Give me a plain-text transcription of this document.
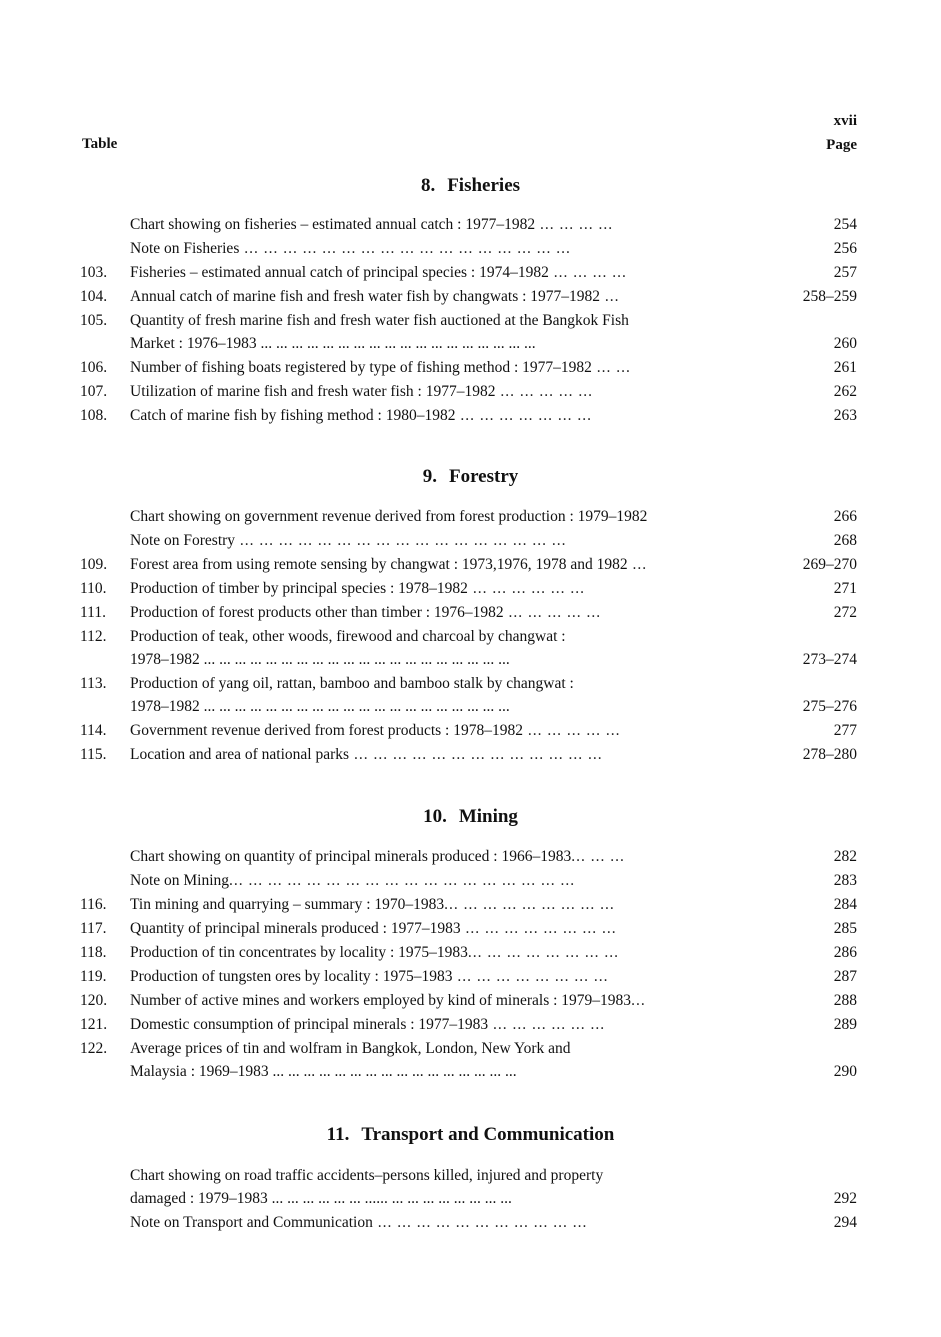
xvii
Table	Page
8. Fisheries
9. Forestry
10. Mining
11. Transport and Communication
Chart showing on fisheries – estimated annual catch : 1977–1982 ... ... ... ...	254
Note on Fisheries ... ... ... ... ... ... ... ... ... ... ... ... ... ... ... ... ...	256
103.	Fisheries – estimated annual catch of principal species : 1974–1982 ... ... ... ...	257
104.	Annual catch of marine fish and fresh water fish by changwats : 1977–1982 ...	258–259
105.	Quantity of fresh marine fish and fresh water fish auctioned at the Bangkok Fish
Market : 1976–1983 ... ... ... ... ... ... ... ... ... ... ... ... ... ... ... ... ... ...	260
106.	Number of fishing boats registered by type of fishing method : 1977–1982 ... ...	261
107.	Utilization of marine fish and fresh water fish : 1977–1982 ... ... ... ... ...	262
108.	Catch of marine fish by fishing method : 1980–1982 ... ... ... ... ... ... ...	263
Chart showing on government revenue derived from forest production : 1979–1982	266
Note on Forestry ... ... ... ... ... ... ... ... ... ... ... ... ... ... ... ... ...	268
109.	Forest area from using remote sensing by changwat : 1973,1976, 1978 and 1982 ...	269–270
110.	Production of timber by principal species : 1978–1982 ... ... ... ... ... ...	271
111.	Production of forest products other than timber : 1976–1982 ... ... ... ... ...	272
112.	Production of teak, other woods, firewood and charcoal by changwat :
1978–1982 ... ... ... ... ... ... ... ... ... ... ... ... ... ... ... ... ... ... ... ...	273–274
113.	Production of yang oil, rattan, bamboo and bamboo stalk by changwat :
1978–1982 ... ... ... ... ... ... ... ... ... ... ... ... ... ... ... ... ... ... ... ...	275–276
114.	Government revenue derived from forest products : 1978–1982 ... ... ... ... ...	277
115.	Location and area of national parks ... ... ... ... ... ... ... ... ... ... ... ... ...	278–280
Chart showing on quantity of principal minerals produced : 1966–1983... ... ...	282
Note on Mining... ... ... ... ... ... ... ... ... ... ... ... ... ... ... ... ... ...	283
116.	Tin mining and quarrying – summary : 1970–1983... ... ... ... ... ... ... ... ...	284
117.	Quantity of principal minerals produced : 1977–1983 ... ... ... ... ... ... ... ...	285
118.	Production of tin concentrates by locality : 1975–1983... ... ... ... ... ... ... ...	286
119.	Production of tungsten ores by locality : 1975–1983 ... ... ... ... ... ... ... ...	287
120.	Number of active mines and workers employed by kind of minerals : 1979–1983...	288
121.	Domestic consumption of principal minerals : 1977–1983 ... ... ... ... ... ...	289
122.	Average prices of tin and wolfram in Bangkok, London, New York and
Malaysia : 1969–1983 ... ... ... ... ... ... ... ... ... ... ... ... ... ... ... ...	290
Chart showing on road traffic accidents–persons killed, injured and property
damaged : 1979–1983 ... ... ... ... ... ... ...... ... ... ... ... ... ... ... ...	292
Note on Transport and Communication ... ... ... ... ... ... ... ... ... ... ...	294
